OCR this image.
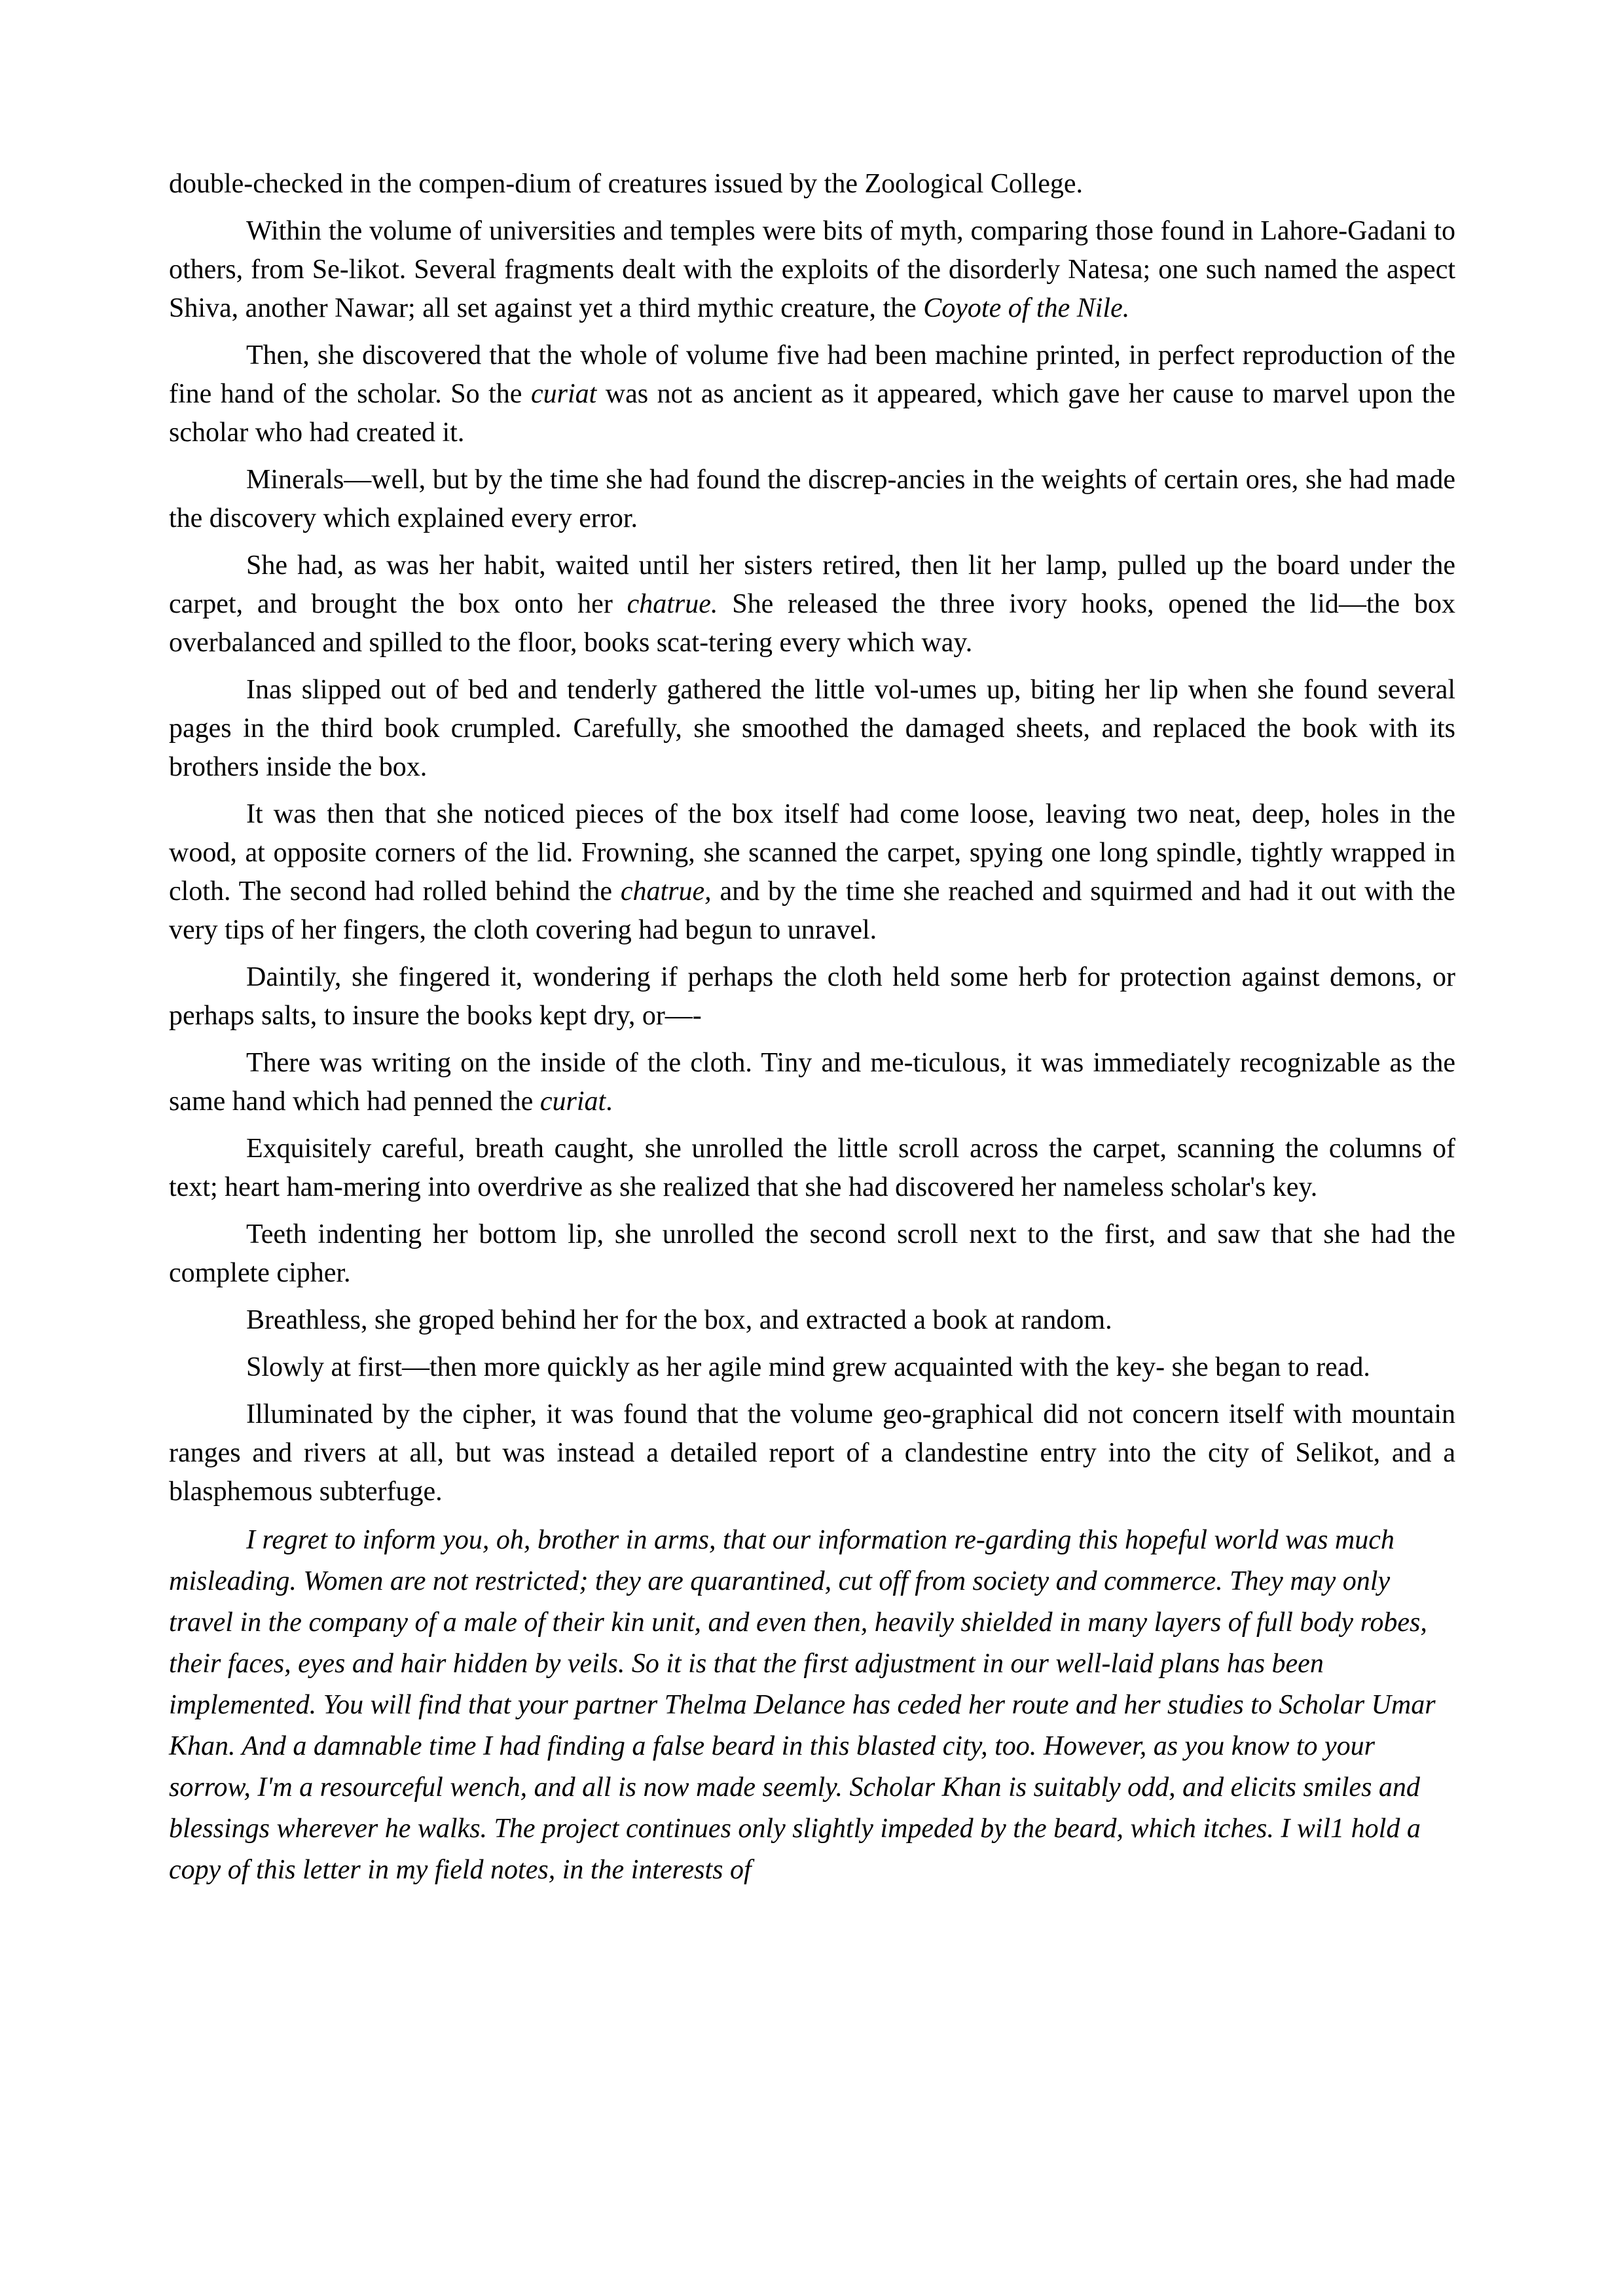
double-checked in the compen-dium of creatures issued by the Zoological College.

Within the volume of universities and temples were bits of myth, comparing those found in Lahore-Gadani to others, from Se-likot. Several fragments dealt with the exploits of the disorderly Natesa; one such named the aspect Shiva, another Nawar; all set against yet a third mythic creature, the Coyote of the Nile.

Then, she discovered that the whole of volume five had been machine printed, in perfect reproduction of the fine hand of the scholar. So the curiat was not as ancient as it appeared, which gave her cause to marvel upon the scholar who had created it.

Minerals—well, but by the time she had found the discrep-ancies in the weights of certain ores, she had made the discovery which explained every error.

She had, as was her habit, waited until her sisters retired, then lit her lamp, pulled up the board under the carpet, and brought the box onto her chatrue. She released the three ivory hooks, opened the lid—the box overbalanced and spilled to the floor, books scat-tering every which way.

Inas slipped out of bed and tenderly gathered the little vol-umes up, biting her lip when she found several pages in the third book crumpled. Carefully, she smoothed the damaged sheets, and replaced the book with its brothers inside the box.

It was then that she noticed pieces of the box itself had come loose, leaving two neat, deep, holes in the wood, at opposite corners of the lid. Frowning, she scanned the carpet, spying one long spindle, tightly wrapped in cloth. The second had rolled behind the chatrue, and by the time she reached and squirmed and had it out with the very tips of her fingers, the cloth covering had begun to unravel.

Daintily, she fingered it, wondering if perhaps the cloth held some herb for protection against demons, or perhaps salts, to insure the books kept dry, or—-

There was writing on the inside of the cloth. Tiny and me-ticulous, it was immediately recognizable as the same hand which had penned the curiat.

Exquisitely careful, breath caught, she unrolled the little scroll across the carpet, scanning the columns of text; heart ham-mering into overdrive as she realized that she had discovered her nameless scholar's key.

Teeth indenting her bottom lip, she unrolled the second scroll next to the first, and saw that she had the complete cipher.

Breathless, she groped behind her for the box, and extracted a book at random.

Slowly at first—then more quickly as her agile mind grew acquainted with the key- she began to read.

Illuminated by the cipher, it was found that the volume geo-graphical did not concern itself with mountain ranges and rivers at all, but was instead a detailed report of a clandestine entry into the city of Selikot, and a blasphemous subterfuge.

I regret to inform you, oh, brother in arms, that our information re-garding this hopeful world was much misleading. Women are not restricted; they are quarantined, cut off from society and commerce. They may only travel in the company of a male of their kin unit, and even then, heavily shielded in many layers of full body robes, their faces, eyes and hair hidden by veils. So it is that the first adjustment in our well-laid plans has been implemented. You will find that your partner Thelma Delance has ceded her route and her studies to Scholar Umar Khan. And a damnable time I had finding a false beard in this blasted city, too. However, as you know to your sorrow, I'm a resourceful wench, and all is now made seemly. Scholar Khan is suitably odd, and elicits smiles and blessings wherever he walks. The project continues only slightly impeded by the beard, which itches. I wil1 hold a copy of this letter in my field notes, in the interests of
